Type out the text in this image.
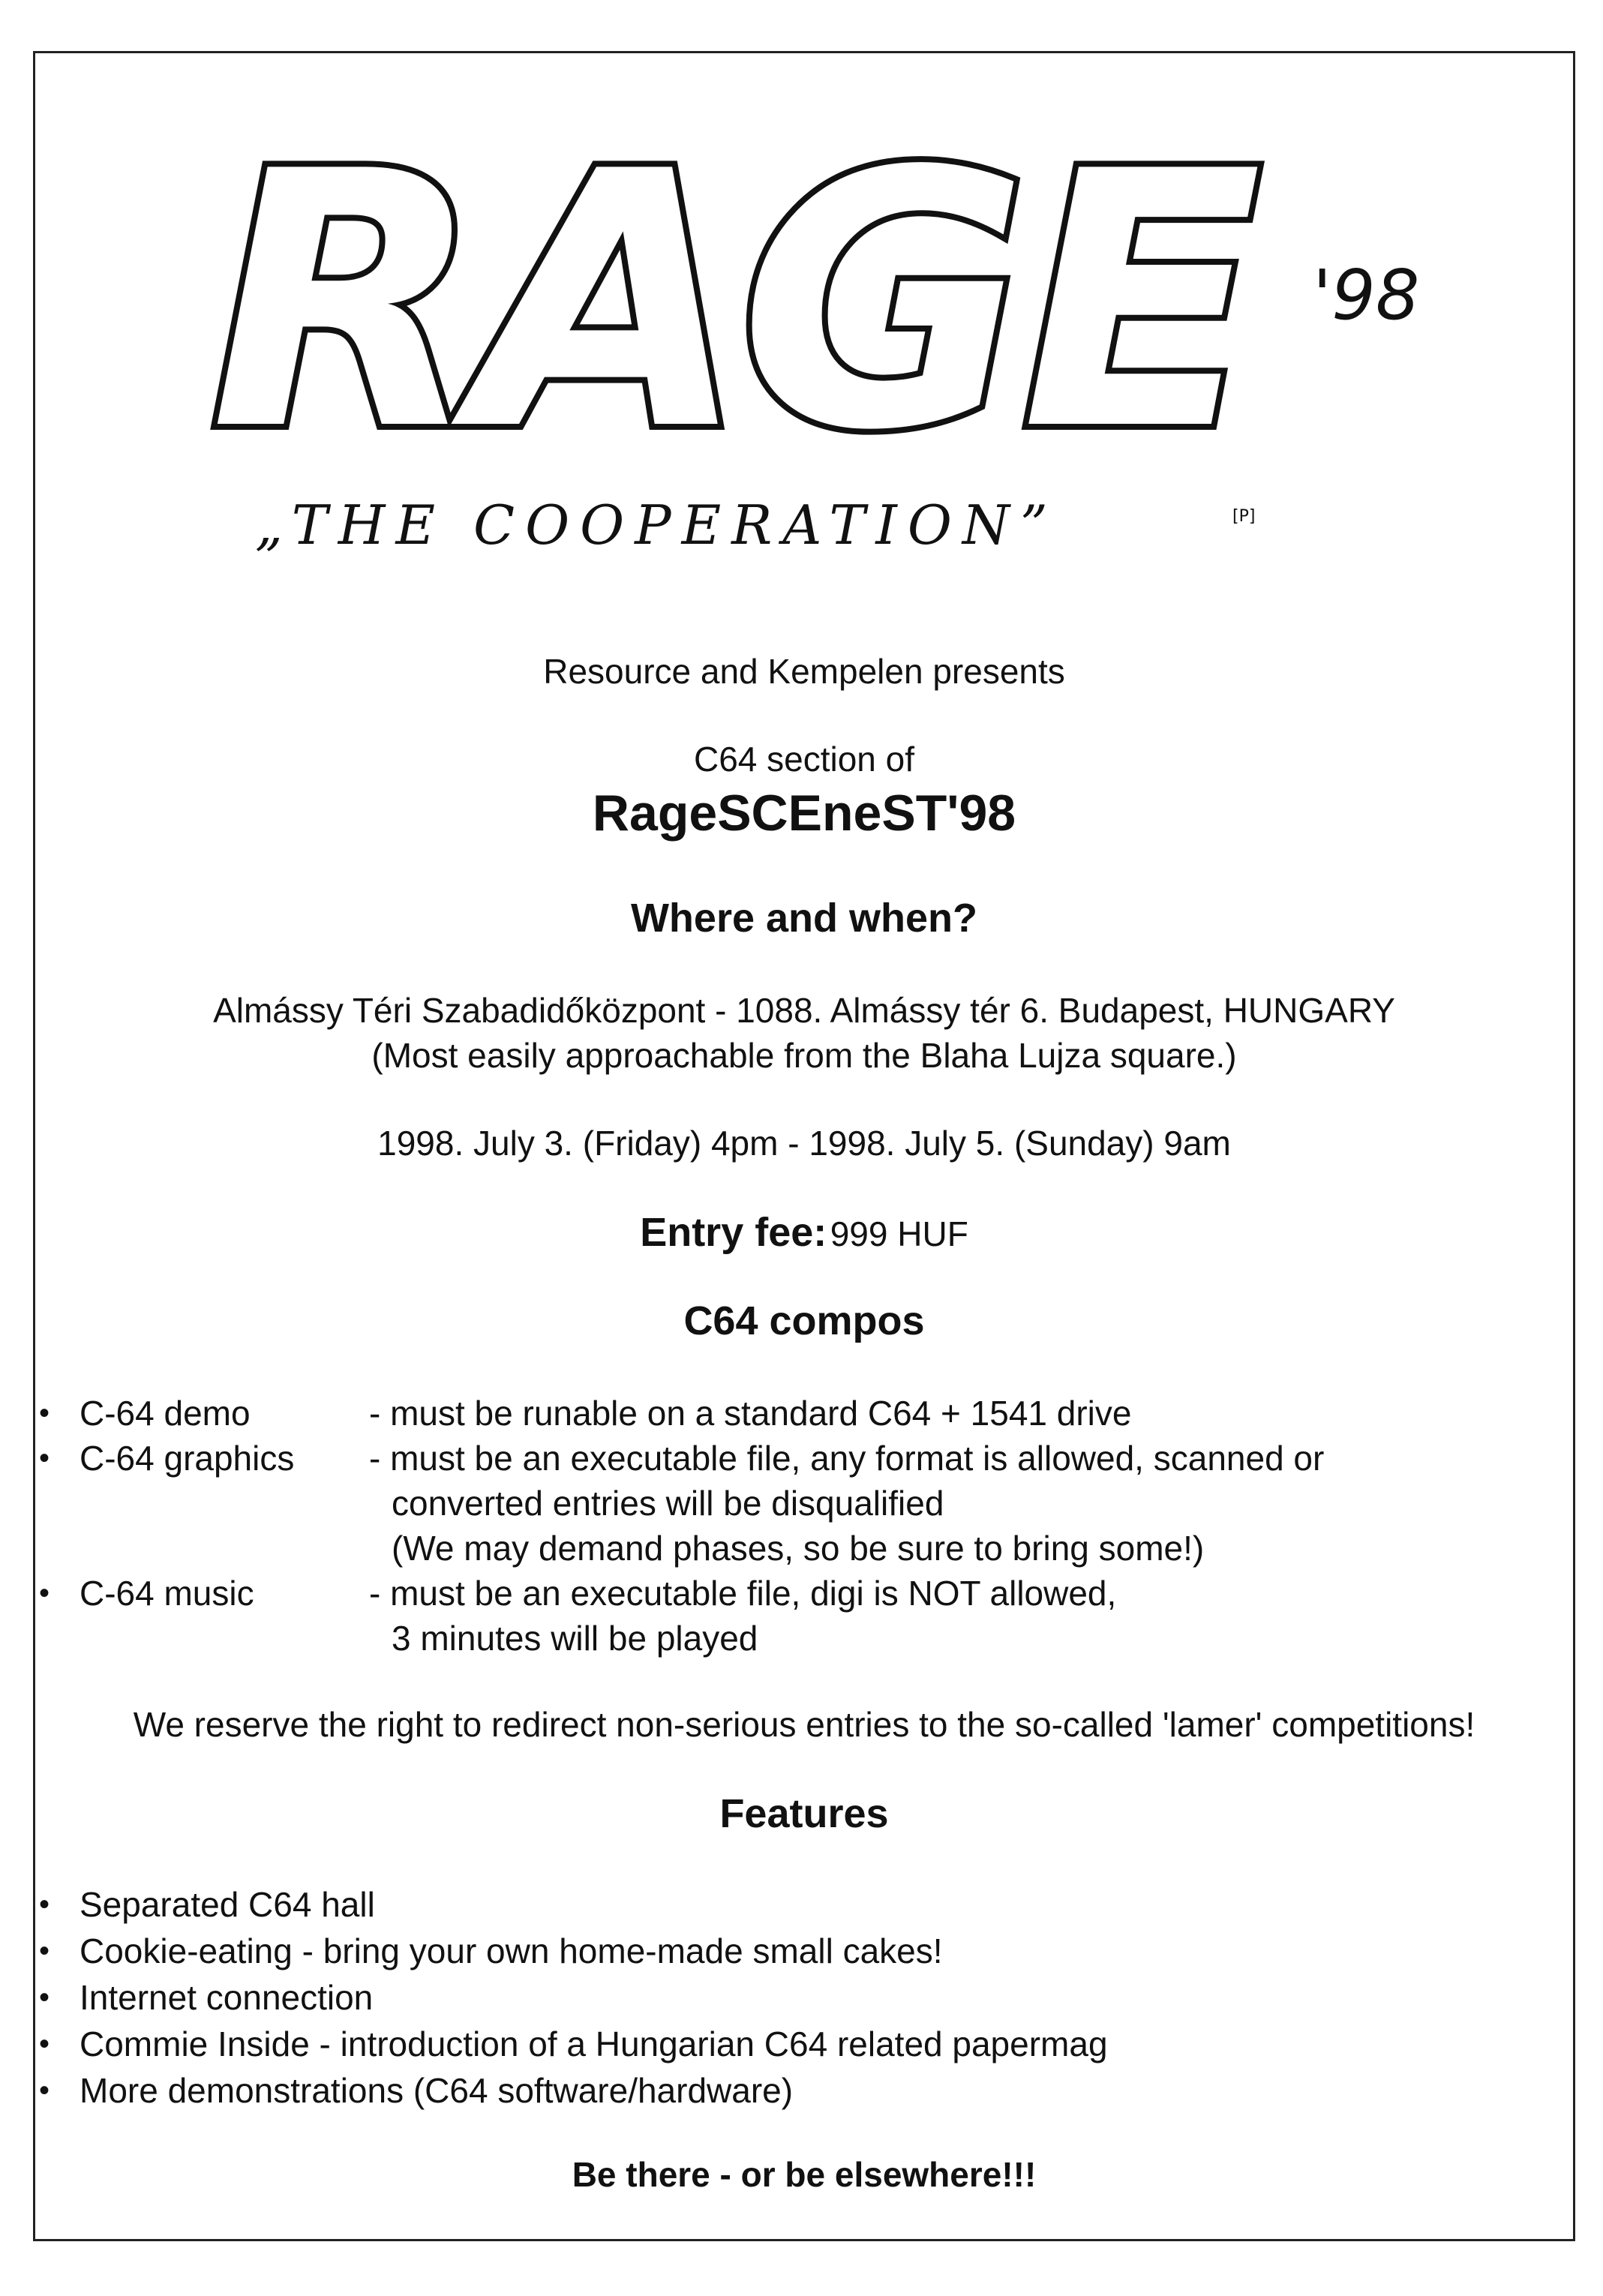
RAGE '98
[P]
„THE COOPERATION”
Resource and Kempelen presents
C64 section of
RageSCEneST'98
Where and when?
Almássy Téri Szabadidőközpont - 1088. Almássy tér 6. Budapest, HUNGARY
(Most easily approachable from the Blaha Lujza square.)
1998. July 3. (Friday) 4pm - 1998. July 5. (Sunday) 9am
Entry fee: 999 HUF
C64 compos
• C-64 demo	- must be runable on a standard C64 + 1541 drive
• C-64 graphics - must be an executable file, any format is allowed, scanned or
converted entries will be disqualified
(We may demand phases, so be sure to bring some!)
• C-64 music	- must be an executable file, digi is NOT allowed,
3 minutes will be played
We reserve the right to redirect non-serious entries to the so-called 'lamer' competitions!
Features
• Separated C64 hall
• Cookie-eating - bring your own home-made small cakes!
• Internet connection
• Commie Inside - introduction of a Hungarian C64 related papermag
• More demonstrations (C64 software/hardware)
Be there - or be elsewhere!!!
